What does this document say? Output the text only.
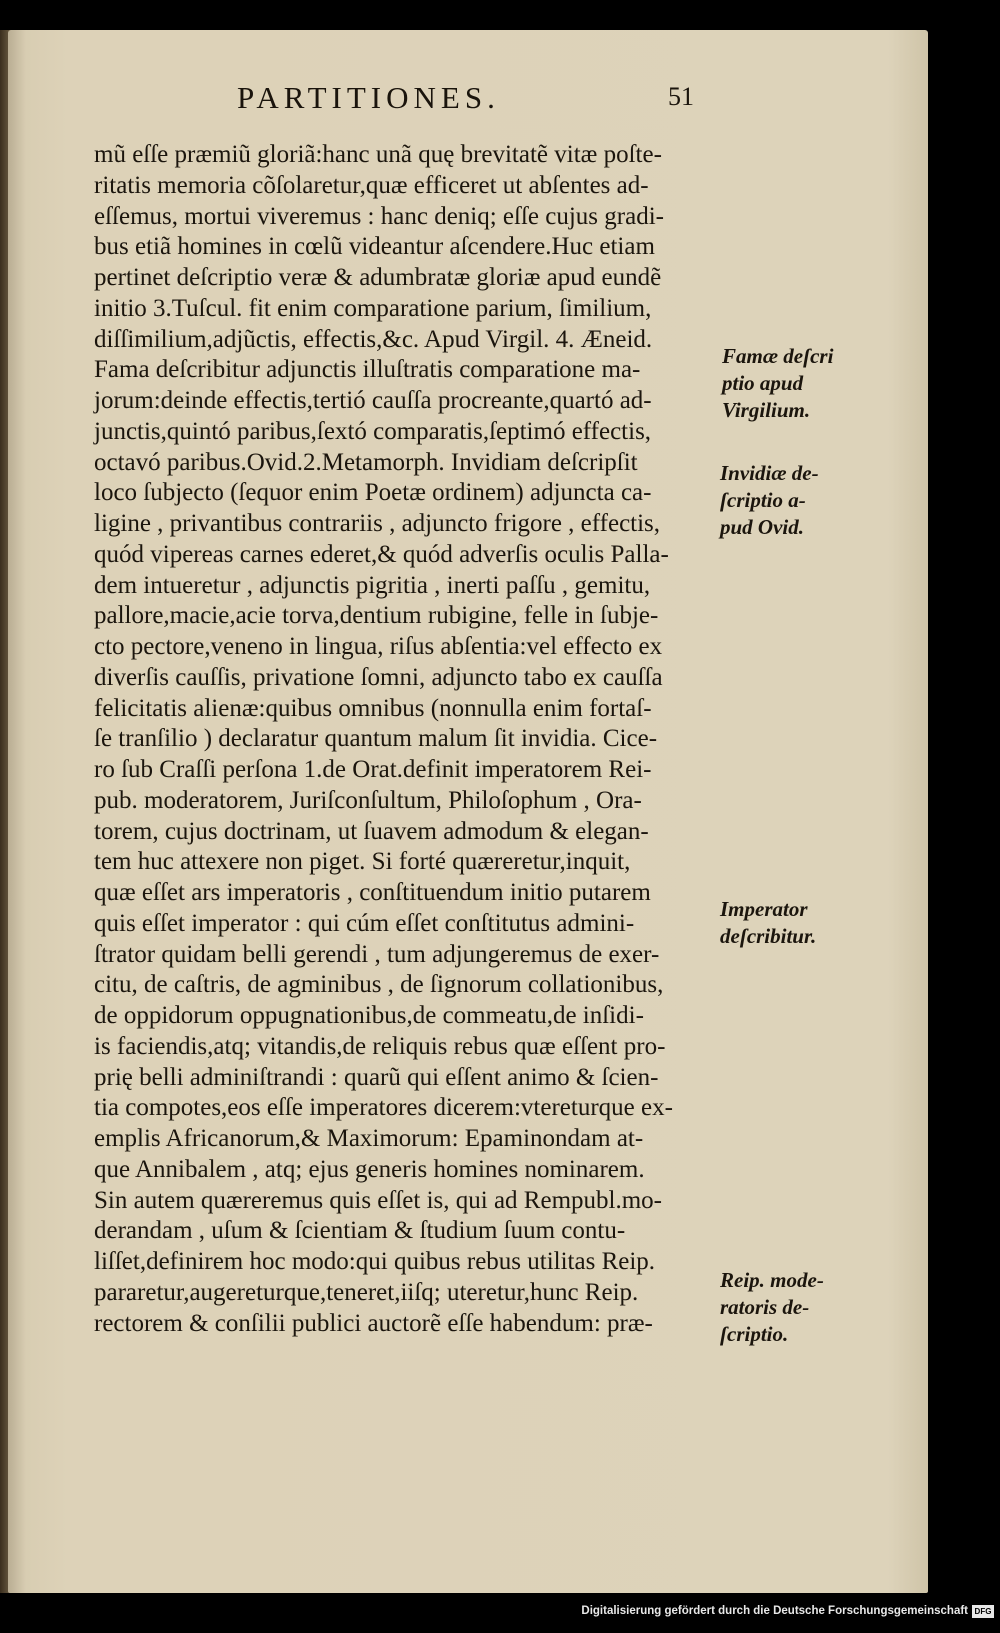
PARTITIONES.	51
mũ eſſe præmiũ gloriã:hanc unã quę brevitatẽ vitæ poſte-
ritatis memoria cõſolaretur,quæ efficeret ut abſentes ad-
eſſemus, mortui viveremus : hanc deniq; eſſe cujus gradi-
bus etiã homines in cœlũ videantur aſcendere.Huc etiam
pertinet deſcriptio veræ & adumbratæ gloriæ apud eundẽ
initio 3.Tuſcul. fit enim comparatione parium, ſimilium,
diſſimilium,adjũctis, effectis,&c. Apud Virgil. 4. Æneid.
Fama deſcribitur adjunctis illuſtratis comparatione ma-
jorum:deinde effectis,tertió cauſſa procreante,quartó ad-
junctis,quintó paribus,ſextó comparatis,ſeptimó effectis,
octavó paribus.Ovid.2.Metamorph. Invidiam deſcripſit
loco ſubjecto (ſequor enim Poetæ ordinem) adjuncta ca-
ligine , privantibus contrariis , adjuncto frigore , effectis,
quód vipereas carnes ederet,& quód adverſis oculis Palla-
dem intueretur , adjunctis pigritia , inerti paſſu , gemitu,
pallore,macie,acie torva,dentium rubigine, felle in ſubje-
cto pectore,veneno in lingua, riſus abſentia:vel effecto ex
diverſis cauſſis, privatione ſomni, adjuncto tabo ex cauſſa
felicitatis alienæ:quibus omnibus (nonnulla enim fortaſ-
ſe tranſilio ) declaratur quantum malum ſit invidia. Cice-
ro ſub Craſſi perſona 1.de Orat.definit imperatorem Rei-
pub. moderatorem, Juriſconſultum, Philoſophum , Ora-
torem, cujus doctrinam, ut ſuavem admodum & elegan-
tem huc attexere non piget. Si forté quæreretur,inquit,
quæ eſſet ars imperatoris , conſtituendum initio putarem
quis eſſet imperator : qui cúm eſſet conſtitutus admini-
ſtrator quidam belli gerendi , tum adjungeremus de exer-
citu, de caſtris, de agminibus , de ſignorum collationibus,
de oppidorum oppugnationibus,de commeatu,de inſidi-
is faciendis,atq; vitandis,de reliquis rebus quæ eſſent pro-
prię belli adminiſtrandi : quarũ qui eſſent animo & ſcien-
tia compotes,eos eſſe imperatores dicerem:vtereturque ex-
emplis Africanorum,& Maximorum: Epaminondam at-
que Annibalem , atq; ejus generis homines nominarem.
Sin autem quæreremus quis eſſet is, qui ad Rempubl.mo-
derandam , uſum & ſcientiam & ſtudium ſuum contu-
liſſet,definirem hoc modo:qui quibus rebus utilitas Reip.
pararetur,augereturque,teneret,iiſq; uteretur,hunc Reip.
rectorem & conſilii publici auctorẽ eſſe habendum: præ-
Famæ deſcri
ptio apud
Virgilium.
Invidiæ de-
ſcriptio a-
pud Ovid.
Imperator
deſcribitur.
Reip. mode-
ratoris de-
ſcriptio.
Digitalisierung gefördert durch die Deutsche Forschungsgemeinschaft DFG
